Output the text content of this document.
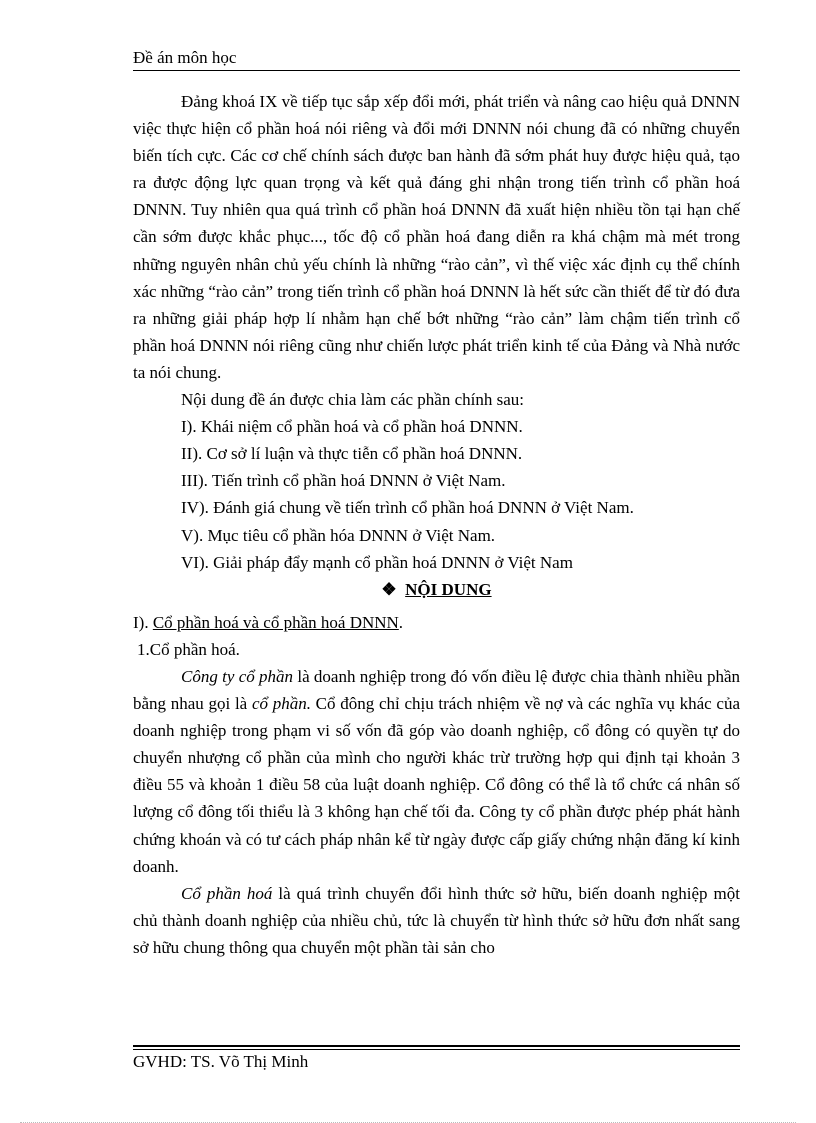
Đề án môn học

Đảng khoá IX về tiếp tục sắp xếp đổi mới, phát triển và nâng cao hiệu quả DNNN việc thực hiện cổ phần hoá nói riêng và đổi mới DNNN nói chung đã có những chuyển biến tích cực. Các cơ chế chính sách được ban hành đã sớm phát huy được hiệu quả, tạo ra được động lực quan trọng và kết quả đáng ghi nhận trong tiến trình cổ phần hoá DNNN. Tuy nhiên qua quá trình cổ phần hoá DNNN đã xuất hiện nhiều tồn tại hạn chế cần sớm được khắc phục..., tốc độ cổ phần hoá đang diễn ra khá chậm mà mét trong những nguyên nhân chủ yếu chính là những “rào cản”, vì thế việc xác định cụ thể chính xác những “rào cản” trong tiến trình cổ phần hoá DNNN là hết sức cần thiết để từ đó đưa ra những giải pháp hợp lí nhằm hạn chế bớt những “rào cản” làm chậm tiến trình cổ phần hoá DNNN nói riêng cũng như chiến lược phát triển kinh tế của Đảng và Nhà nước ta nói chung.

Nội dung đề án được chia làm các phần chính sau:

I). Khái niệm cổ phần hoá và cổ phần hoá DNNN.

II). Cơ sở lí luận và thực tiễn cổ phần hoá DNNN.

III). Tiến trình cổ phần hoá DNNN ở Việt Nam.

IV). Đánh giá chung về tiến trình cổ phần hoá DNNN ở Việt Nam.

V). Mục tiêu cổ phần hóa DNNN ở Việt Nam.

VI). Giải pháp đẩy mạnh cổ phần hoá DNNN ở Việt Nam

❖ NỘI DUNG

I). Cổ phần hoá và cổ phần hoá DNNN.

1.Cổ phần hoá.

Công ty cổ phần là doanh nghiệp trong đó vốn điều lệ được chia thành nhiều phần bằng nhau gọi là cổ phần. Cổ đông chỉ chịu trách nhiệm về nợ và các nghĩa vụ khác của doanh nghiệp trong phạm vi số vốn đã góp vào doanh nghiệp, cổ đông có quyền tự do chuyển nhượng cổ phần của mình cho người khác trừ trường hợp qui định tại khoản 3 điều 55 và khoản 1 điều 58 của luật doanh nghiệp. Cổ đông có thể là tổ chức cá nhân số lượng cổ đông tối thiểu là 3 không hạn chế tối đa. Công ty cổ phần được phép phát hành chứng khoán và có tư cách pháp nhân kể từ ngày được cấp giấy chứng nhận đăng kí kinh doanh.

Cổ phần hoá là quá trình chuyển đổi hình thức sở hữu, biến doanh nghiệp một chủ thành doanh nghiệp của nhiều chủ, tức là chuyển từ hình thức sở hữu đơn nhất sang sở hữu chung thông qua chuyển một phần tài sản cho

GVHD: TS. Võ Thị Minh
